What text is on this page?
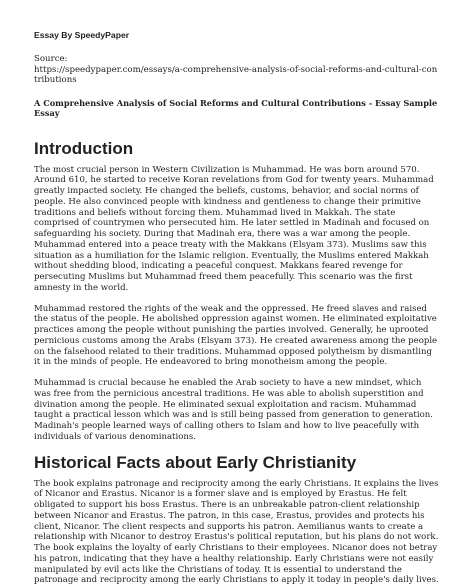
Essay By SpeedyPaper

Source:

https://speedypaper.com/essays/a-comprehensive-analysis-of-social-reforms-and-cultural-contributions

A Comprehensive Analysis of Social Reforms and Cultural Contributions - Essay Sample Essay

Introduction

The most crucial person in Western Civilization is Muhammad. He was born around 570. Around 610, he started to receive Koran revelations from God for twenty years. Muhammad greatly impacted society. He changed the beliefs, customs, behavior, and social norms of people. He also convinced people with kindness and gentleness to change their primitive traditions and beliefs without forcing them. Muhammad lived in Makkah. The state comprised of countrymen who persecuted him. He later settled in Madinah and focused on safeguarding his society. During that Madinah era, there was a war among the people. Muhammad entered into a peace treaty with the Makkans (Elsyam 373). Muslims saw this situation as a humiliation for the Islamic religion. Eventually, the Muslims entered Makkah without shedding blood, indicating a peaceful conquest. Makkans feared revenge for persecuting Muslims but Muhammad freed them peacefully. This scenario was the first amnesty in the world.

Muhammad restored the rights of the weak and the oppressed. He freed slaves and raised the status of the people. He abolished oppression against women. He eliminated exploitative practices among the people without punishing the parties involved. Generally, he uprooted pernicious customs among the Arabs (Elsyam 373). He created awareness among the people on the falsehood related to their traditions. Muhammad opposed polytheism by dismantling it in the minds of people. He endeavored to bring monotheism among the people.

Muhammad is crucial because he enabled the Arab society to have a new mindset, which was free from the pernicious ancestral traditions. He was able to abolish superstition and divination among the people. He eliminated sexual exploitation and racism. Muhammad taught a practical lesson which was and is still being passed from generation to generation. Madinah's people learned ways of calling others to Islam and how to live peacefully with individuals of various denominations.

Historical Facts about Early Christianity

The book explains patronage and reciprocity among the early Christians. It explains the lives of Nicanor and Erastus. Nicanor is a former slave and is employed by Erastus. He felt obligated to support his boss Erastus. There is an unbreakable patron-client relationship between Nicanor and Erastus. The patron, in this case, Erastus, provides and protects his client, Nicanor. The client respects and supports his patron. Aemilianus wants to create a relationship with Nicanor to destroy Erastus's political reputation, but his plans do not work. The book explains the loyalty of early Christians to their employees. Nicanor does not betray his patron, indicating that they have a healthy relationship. Early Christians were not easily manipulated by evil acts like the Christians of today. It is essential to understand the patronage and reciprocity among the early Christians to apply it today in people's daily lives.
